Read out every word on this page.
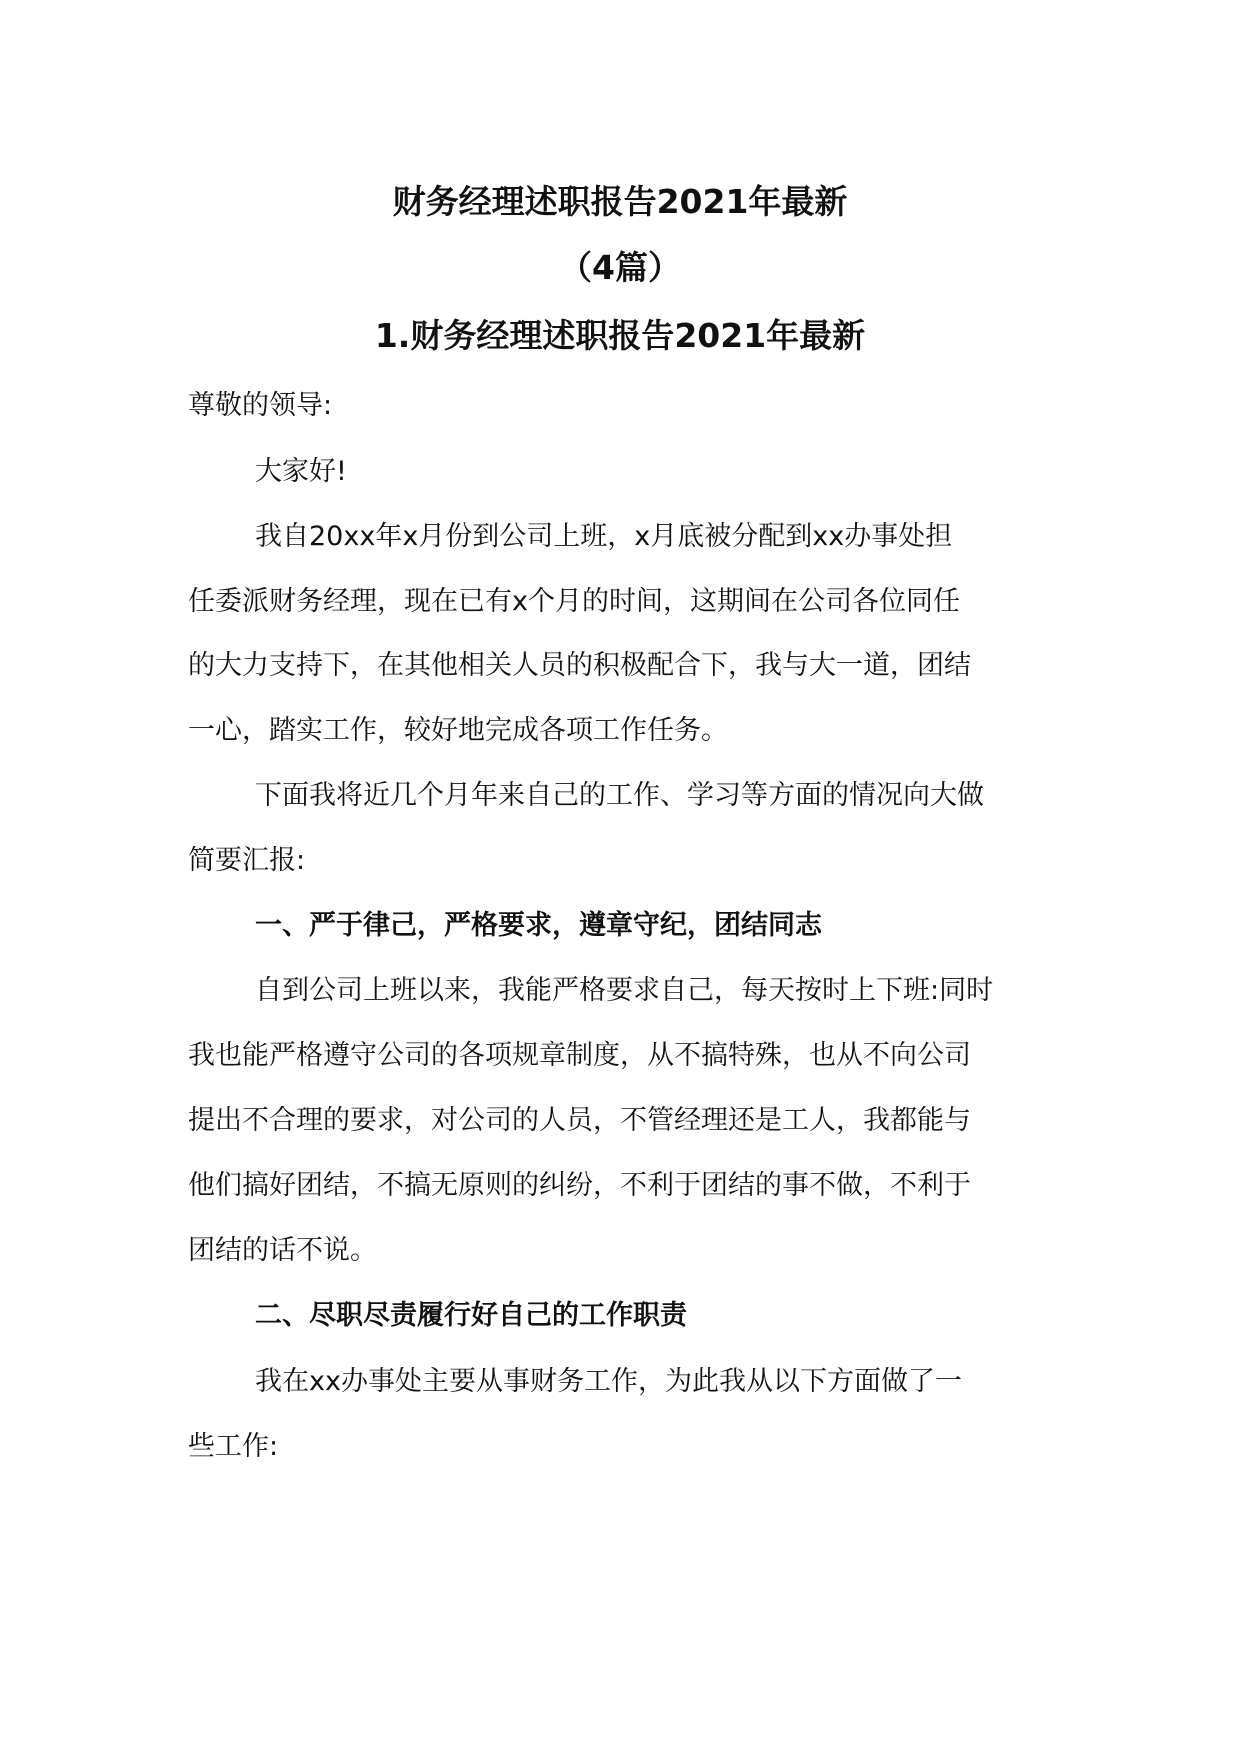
财务经理述职报告2021年最新
（4篇）
1.财务经理述职报告2021年最新
尊敬的领导:
大家好!
我自20xx年x月份到公司上班，x月底被分配到xx办事处担
任委派财务经理，现在已有x个月的时间，这期间在公司各位同任
的大力支持下，在其他相关人员的积极配合下，我与大一道，团结
一心，踏实工作，较好地完成各项工作任务。
下面我将近几个月年来自己的工作、学习等方面的情况向大做
简要汇报:
一、严于律己，严格要求，遵章守纪，团结同志
自到公司上班以来，我能严格要求自己，每天按时上下班:同时
我也能严格遵守公司的各项规章制度，从不搞特殊，也从不向公司
提出不合理的要求，对公司的人员，不管经理还是工人，我都能与
他们搞好团结，不搞无原则的纠纷，不利于团结的事不做，不利于
团结的话不说。
二、尽职尽责履行好自己的工作职责
我在xx办事处主要从事财务工作，为此我从以下方面做了一
些工作:
